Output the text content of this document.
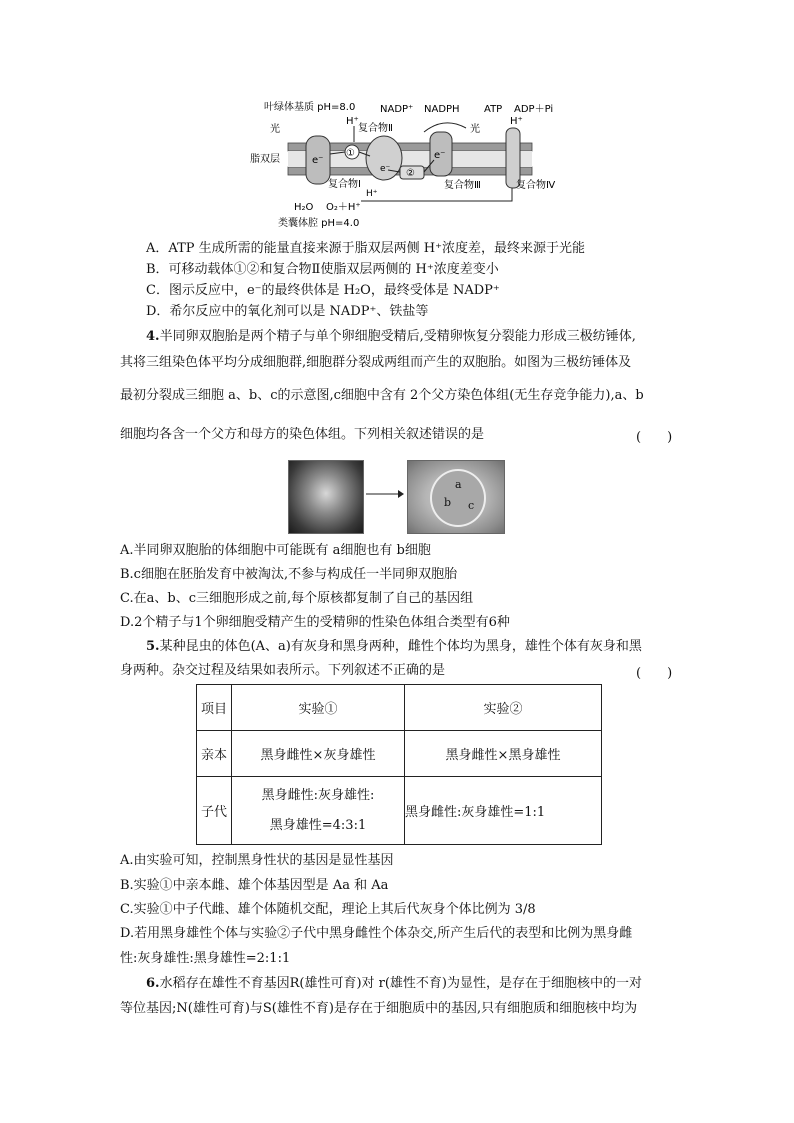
叶绿体基质 pH=8.0
光	光
脂双层
H⁺
H⁺
H⁺
复合物Ⅱ
复合物Ⅰ	复合物Ⅲ	复合物Ⅳ
NADP⁺ NADPH ATP ADP＋Pi
H₂O O₂＋H⁺
类囊体腔 pH=4.0
e⁻
e⁻
e⁻
①
②
A．ATP 生成所需的能量直接来源于脂双层两侧 H⁺浓度差，最终来源于光能
B．可移动载体①②和复合物Ⅱ使脂双层两侧的 H⁺浓度差变小
C．图示反应中，e⁻的最终供体是 H₂O，最终受体是 NADP⁺
D．希尔反应中的氧化剂可以是 NADP⁺、铁盐等
4.半同卵双胞胎是两个精子与单个卵细胞受精后,受精卵恢复分裂能力形成三极纺锤体,
其将三组染色体平均分成细胞群,细胞群分裂成两组而产生的双胞胎。如图为三极纺锤体及
最初分裂成三细胞 a、b、c的示意图,c细胞中含有 2个父方染色体组(无生存竞争能力),a、b
细胞均各含一个父方和母方的染色体组。下列相关叙述错误的是	(　　)
a
b c
A.半同卵双胞胎的体细胞中可能既有 a细胞也有 b细胞
B.c细胞在胚胎发育中被淘汰,不参与构成任一半同卵双胞胎
C.在a、b、c三细胞形成之前,每个原核都复制了自己的基因组
D.2个精子与1个卵细胞受精产生的受精卵的性染色体组合类型有6种
5.某种昆虫的体色(A、a)有灰身和黑身两种，雌性个体均为黑身，雄性个体有灰身和黑
身两种。杂交过程及结果如表所示。下列叙述不正确的是	(　　)
项目	实验①	实验②
亲本	黑身雌性×灰身雄性	黑身雌性×黑身雄性
子代	黑身雌性:灰身雄性:
黑身雄性=4:3:1	黑身雌性:灰身雄性=1:1
A.由实验可知，控制黑身性状的基因是显性基因
B.实验①中亲本雌、雄个体基因型是 Aa 和 Aa
C.实验①中子代雌、雄个体随机交配，理论上其后代灰身个体比例为 3/8
D.若用黑身雄性个体与实验②子代中黑身雌性个体杂交,所产生后代的表型和比例为黑身雌
性:灰身雄性:黑身雄性=2:1:1
6.水稻存在雄性不育基因R(雄性可育)对 r(雄性不育)为显性，是存在于细胞核中的一对
等位基因;N(雄性可育)与S(雄性不育)是存在于细胞质中的基因,只有细胞质和细胞核中均为
